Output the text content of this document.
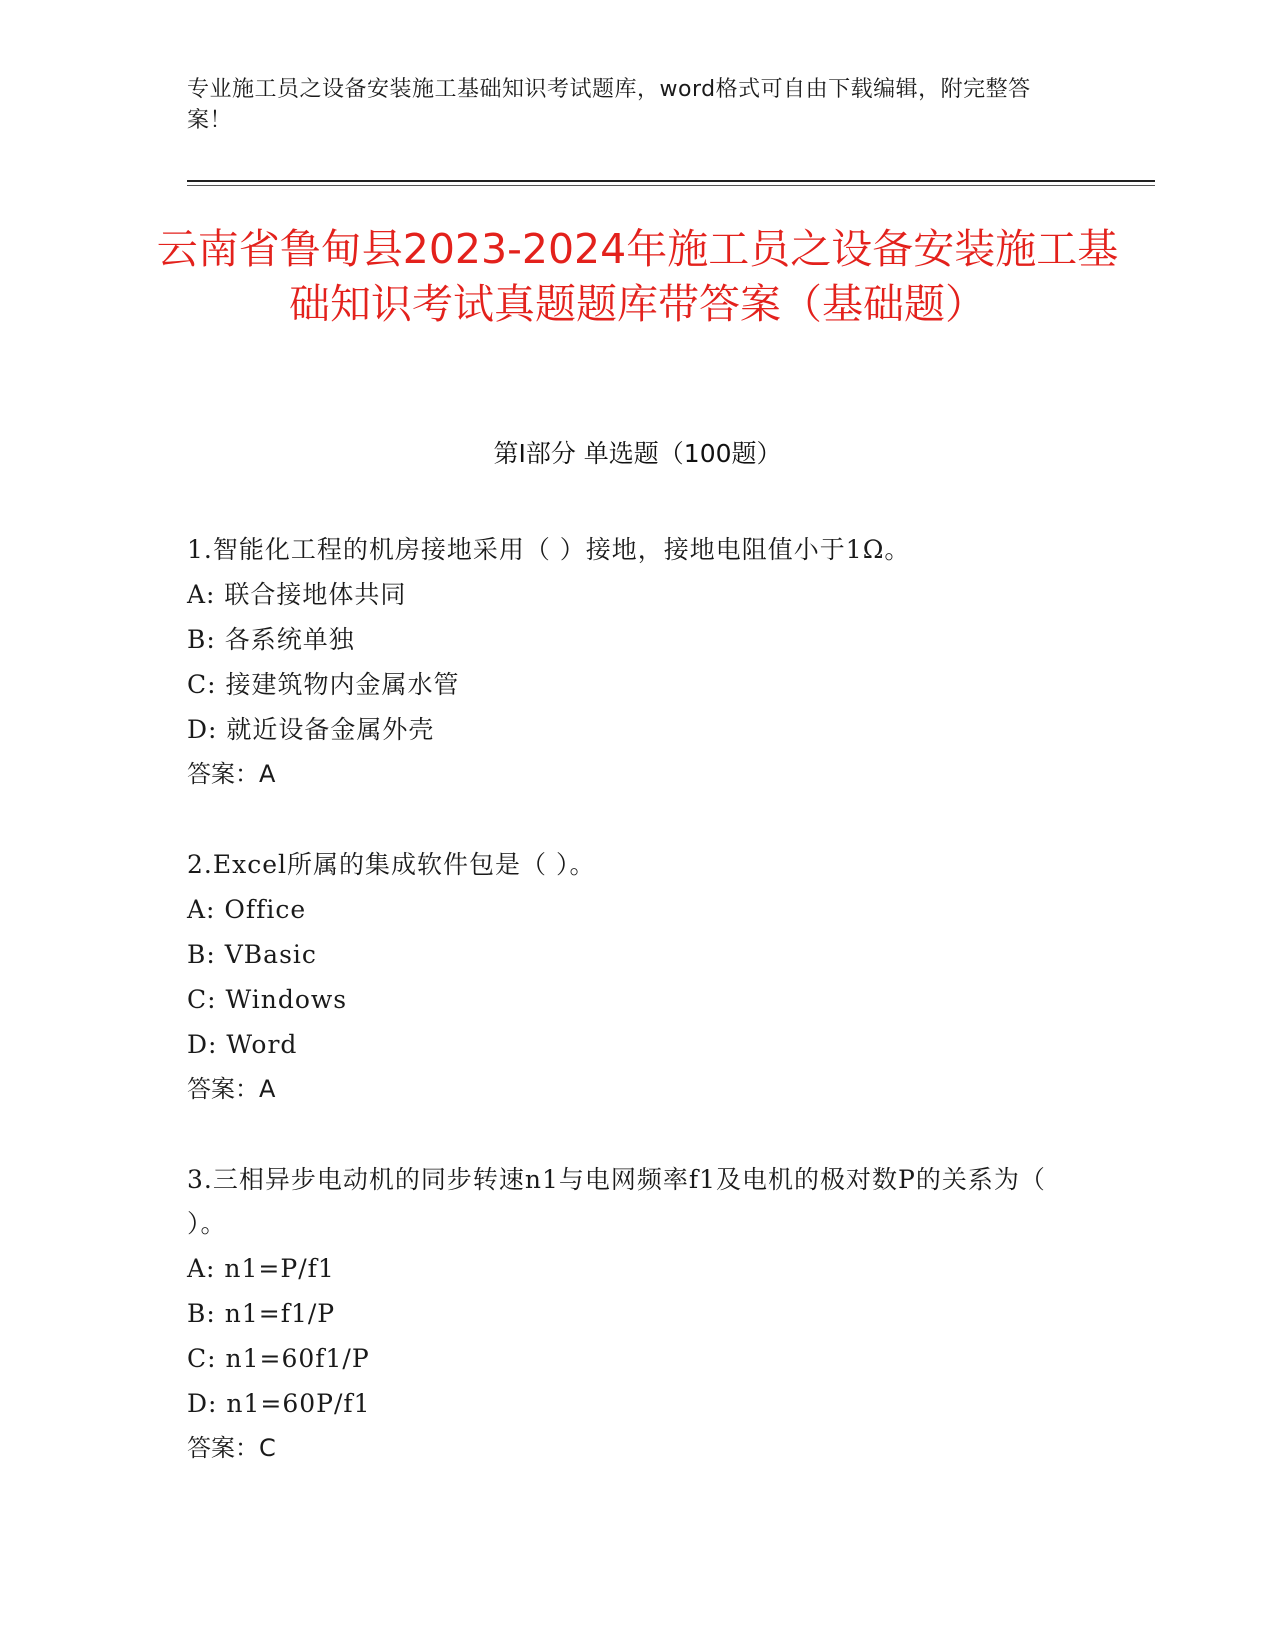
专业施工员之设备安装施工基础知识考试题库，word格式可自由下载编辑，附完整答案！
云南省鲁甸县2023-2024年施工员之设备安装施工基础知识考试真题题库带答案（基础题）
第Ⅰ部分 单选题（100题）
1.智能化工程的机房接地采用（ ）接地，接地电阻值小于1Ω。
A: 联合接地体共同
B: 各系统单独
C: 接建筑物内金属水管
D: 就近设备金属外壳
答案：A
2.Excel所属的集成软件包是（ ）。
A: Office
B: VBasic
C: Windows
D: Word
答案：A
3.三相异步电动机的同步转速n1与电网频率f1及电机的极对数P的关系为（ ）。
A: n1=P/f1
B: n1=f1/P
C: n1=60f1/P
D: n1=60P/f1
答案：C
